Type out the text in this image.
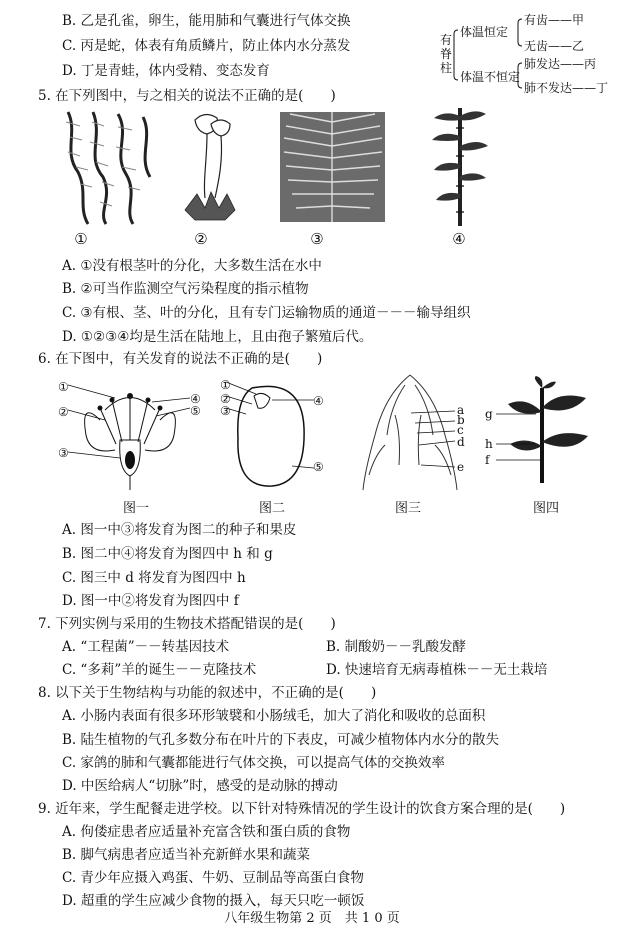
B. 乙是孔雀，卵生，能用肺和气囊进行气体交换
C. 丙是蛇，体表有角质鳞片，防止体内水分蒸发
D. 丁是青蛙，体内受精、变态发育
有脊柱
体温恒定
体温不恒定
有齿——甲
无齿——乙
肺发达——丙
肺不发达——丁
5. 在下列图中，与之相关的说法不正确的是(　　)
①	②	③	④
A. ①没有根茎叶的分化，大多数生活在水中
B. ②可当作监测空气污染程度的指示植物
C. ③有根、茎、叶的分化，且有专门运输物质的通道－－－输导组织
D. ①②③④均是生活在陆地上，且由孢子繁殖后代。
6. 在下图中，有关发育的说法不正确的是(　　)
①
②
③
④
⑤
①
②
③
④
⑤
a
b
c
d
e
g
h
f
图一	图二	图三	图四
A. 图一中③将发育为图二的种子和果皮
B. 图二中④将发育为图四中 h 和 g
C. 图三中 d 将发育为图四中 h
D. 图一中②将发育为图四中 f
7. 下列实例与采用的生物技术搭配错误的是(　　)
A. “工程菌”－－转基因技术	B. 制酸奶－－乳酸发酵
C. “多莉”羊的诞生－－克隆技术	D. 快速培育无病毒植株－－无土栽培
8. 以下关于生物结构与功能的叙述中，不正确的是(　　)
A. 小肠内表面有很多环形皱襞和小肠绒毛，加大了消化和吸收的总面积
B. 陆生植物的气孔多数分布在叶片的下表皮，可减少植物体内水分的散失
C. 家鸽的肺和气囊都能进行气体交换，可以提高气体的交换效率
D. 中医给病人“切脉”时，感受的是动脉的搏动
9. 近年来，学生配餐走进学校。以下针对特殊情况的学生设计的饮食方案合理的是(　　)
A. 佝偻症患者应适量补充富含铁和蛋白质的食物
B. 脚气病患者应适当补充新鲜水果和蔬菜
C. 青少年应摄入鸡蛋、牛奶、豆制品等高蛋白食物
D. 超重的学生应减少食物的摄入，每天只吃一顿饭
八年级生物第 2 页　共 1 0 页
